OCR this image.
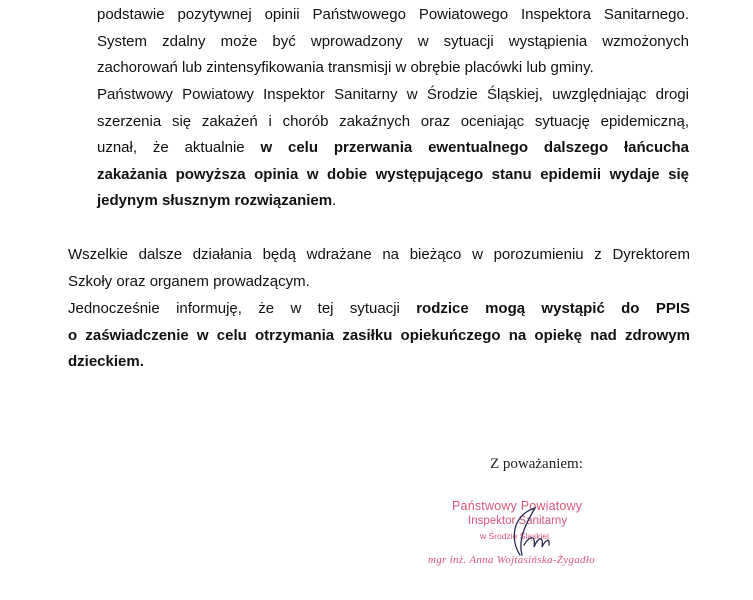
podstawie pozytywnej opinii Państwowego Powiatowego Inspektora Sanitarnego.
System zdalny może być wprowadzony w sytuacji wystąpienia wzmożonych
zachorowań lub zintensyfikowania transmisji w obrębie placówki lub gminy.
Państwowy Powiatowy Inspektor Sanitarny w Środzie Śląskiej, uwzględniając drogi
szerzenia się zakażeń i chorób zakaźnych oraz oceniając sytuację epidemiczną,
uznał, że aktualnie w celu przerwania ewentualnego dalszego łańcucha
zakażania powyższa opinia w dobie występującego stanu epidemii wydaje się
jedynym słusznym rozwiązaniem.
Wszelkie dalsze działania będą wdrażane na bieżąco w porozumieniu z Dyrektorem
Szkoły oraz organem prowadzącym.
Jednocześnie informuję, że w tej sytuacji rodzice mogą wystąpić do PPIS
o zaświadczenie w celu otrzymania zasiłku opiekuńczego na opiekę nad zdrowym
dzieckiem.
Z poważaniem:
Państwowy Powiatowy
Inspektor Sanitarny
w Środzie Śląskiej
mgr inż. Anna Wojtasińska-Żygadło
